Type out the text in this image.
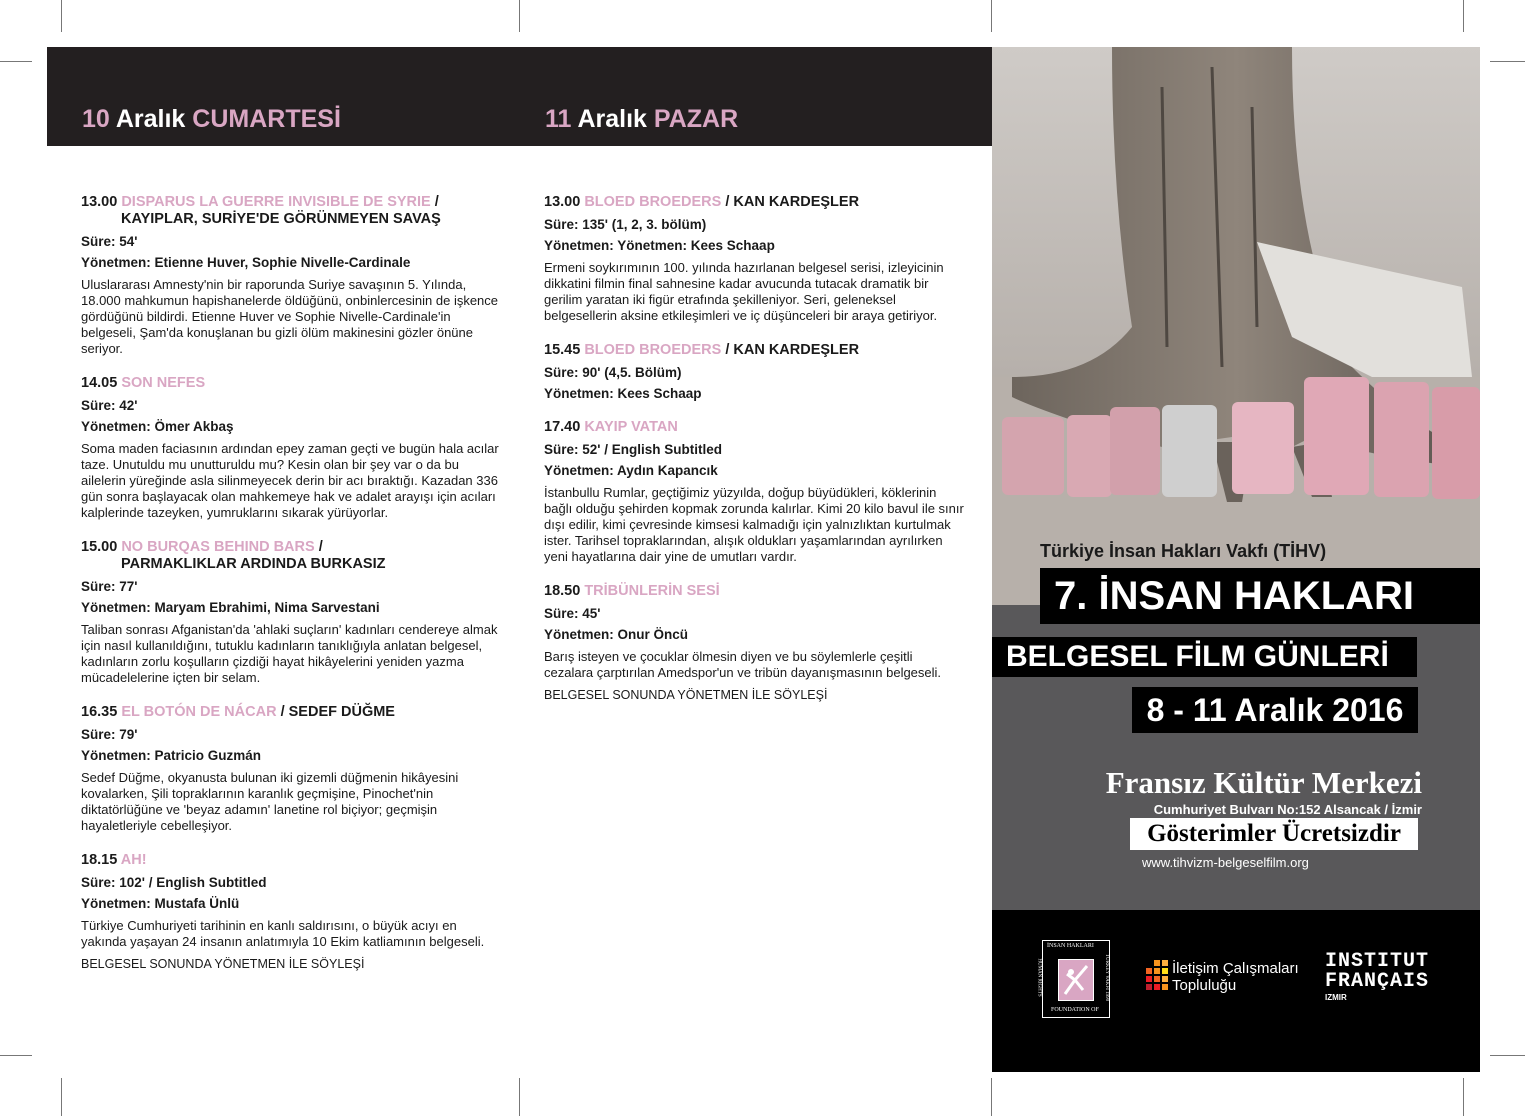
10 Aralık CUMARTESİ	11 Aralık PAZAR
13.00 DISPARUS LA GUERRE INVISIBLE DE SYRIE /
KAYIPLAR, SURİYE'DE GÖRÜNMEYEN SAVAŞ
Süre: 54'
Yönetmen: Etienne Huver, Sophie Nivelle-Cardinale
Uluslararası Amnesty'nin bir raporunda Suriye savaşının 5. Yılında, 18.000 mahkumun hapishanelerde öldüğünü, onbinlercesinin de işkence gördüğünü bildirdi. Etienne Huver ve Sophie Nivelle-Cardinale'in belgeseli, Şam'da konuşlanan bu gizli ölüm makinesini gözler önüne seriyor.
14.05 SON NEFES
Süre: 42'
Yönetmen: Ömer Akbaş
Soma maden faciasının ardından epey zaman geçti ve bugün hala acılar taze. Unutuldu mu unutturuldu mu? Kesin olan bir şey var o da bu ailelerin yüreğinde asla silinmeyecek derin bir acı bıraktığı. Kazadan 336 gün sonra başlayacak olan mahkemeye hak ve adalet arayışı için acıları kalplerinde tazeyken, yumruklarını sıkarak yürüyorlar.
15.00 NO BURQAS BEHIND BARS /
PARMAKLIKLAR ARDINDA BURKASIZ
Süre: 77'
Yönetmen: Maryam Ebrahimi, Nima Sarvestani
Taliban sonrası Afganistan'da 'ahlaki suçların' kadınları cendereye almak için nasıl kullanıldığını, tutuklu kadınların tanıklığıyla anlatan belgesel, kadınların zorlu koşulların çizdiği hayat hikâyelerini yeniden yazma mücadelelerine içten bir selam.
16.35 EL BOTÓN DE NÁCAR / SEDEF DÜĞME
Süre: 79'
Yönetmen: Patricio Guzmán
Sedef Düğme, okyanusta bulunan iki gizemli düğmenin hikâyesini kovalarken, Şili topraklarının karanlık geçmişine, Pinochet'nin diktatörlüğüne ve 'beyaz adamın' lanetine rol biçiyor; geçmişin hayaletleriyle cebelleşiyor.
18.15 AH!
Süre: 102' / English Subtitled
Yönetmen: Mustafa Ünlü
Türkiye Cumhuriyeti tarihinin en kanlı saldırısını, o büyük acıyı en yakında yaşayan 24 insanın anlatımıyla 10 Ekim katliamının belgeseli.
BELGESEL SONUNDA YÖNETMEN İLE SÖYLEŞİ
13.00 BLOED BROEDERS / KAN KARDEŞLER
Süre: 135' (1, 2, 3. bölüm)
Yönetmen: Yönetmen: Kees Schaap
Ermeni soykırımının 100. yılında hazırlanan belgesel serisi, izleyicinin dikkatini filmin final sahnesine kadar avucunda tutacak dramatik bir gerilim yaratan iki figür etrafında şekilleniyor. Seri, geleneksel belgesellerin aksine etkileşimleri ve iç düşünceleri bir araya getiriyor.
15.45 BLOED BROEDERS / KAN KARDEŞLER
Süre: 90' (4,5. Bölüm)
Yönetmen: Kees Schaap
17.40 KAYIP VATAN
Süre: 52' / English Subtitled
Yönetmen: Aydın Kapancık
İstanbullu Rumlar, geçtiğimiz yüzyılda, doğup büyüdükleri, köklerinin bağlı olduğu şehirden kopmak zorunda kalırlar. Kimi 20 kilo bavul ile sınır dışı edilir, kimi çevresinde kimsesi kalmadığı için yalnızlıktan kurtulmak ister. Tarihsel topraklarından, alışık oldukları yaşamlarından ayrılırken yeni hayatlarına dair yine de umutları vardır.
18.50 TRİBÜNLERİN SESİ
Süre: 45'
Yönetmen: Onur Öncü
Barış isteyen ve çocuklar ölmesin diyen ve bu söylemlerle çeşitli cezalara çarptırılan Amedspor'un ve tribün dayanışmasının belgeseli.
BELGESEL SONUNDA YÖNETMEN İLE SÖYLEŞİ
Türkiye İnsan Hakları Vakfı (TİHV)
7. İNSAN HAKLARI
BELGESEL FİLM GÜNLERİ
8 - 11 Aralık 2016
Fransız Kültür Merkezi
Cumhuriyet Bulvarı No:152 Alsancak / İzmir
Gösterimler Ücretsizdir
www.tihvizm-belgeselfilm.org
İNSAN HAKLARI
HUMAN RIGHTS	TURKEY VAKFI 1990
FOUNDATION OF
İletişim Çalışmaları
Topluluğu
INSTITUT
FRANÇAIS
IZMIR
